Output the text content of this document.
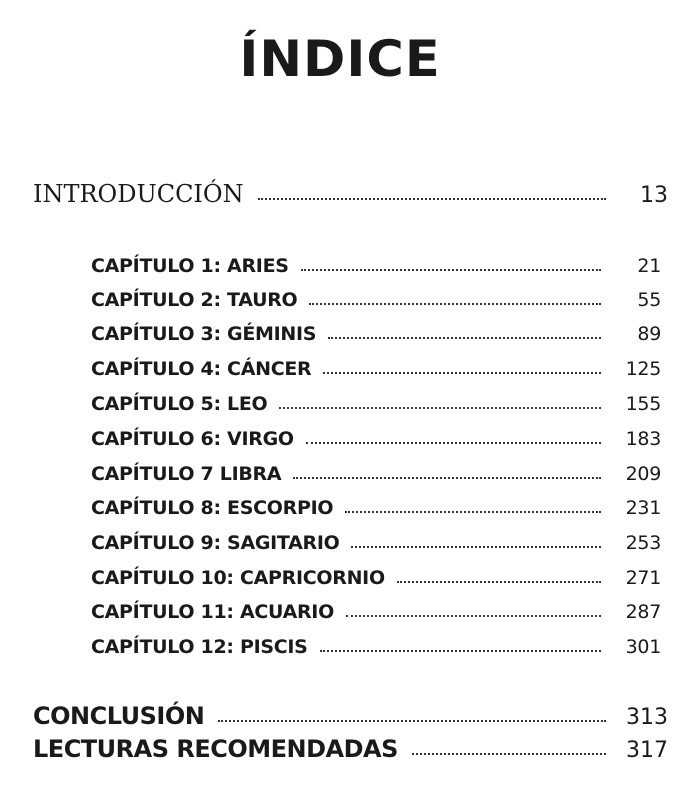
ÍNDICE
INTRODUCCIÓN	13
CAPÍTULO 1: ARIES	21
CAPÍTULO 2: TAURO	55
CAPÍTULO 3: GÉMINIS	89
CAPÍTULO 4: CÁNCER	125
CAPÍTULO 5: LEO	155
CAPÍTULO 6: VIRGO	183
CAPÍTULO 7 LIBRA	209
CAPÍTULO 8: ESCORPIO	231
CAPÍTULO 9: SAGITARIO	253
CAPÍTULO 10: CAPRICORNIO	271
CAPÍTULO 11: ACUARIO	287
CAPÍTULO 12: PISCIS	301
CONCLUSIÓN	313
LECTURAS RECOMENDADAS	317
